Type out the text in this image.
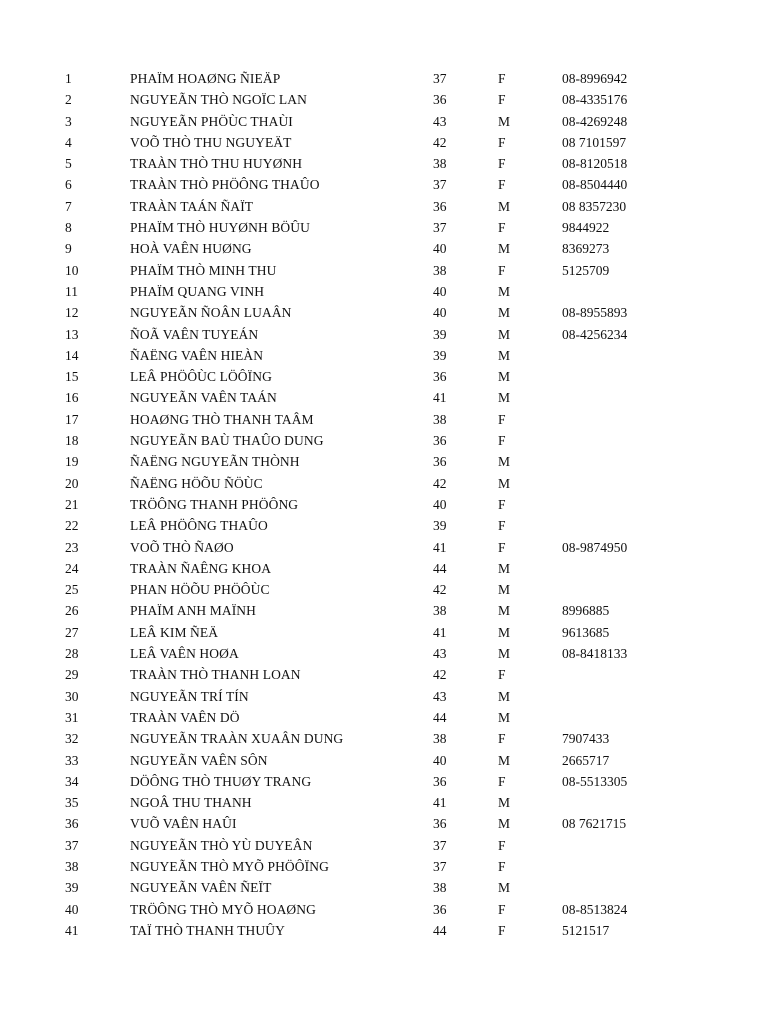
1	PHAÏM HOAØNG ÑIEÄP	37	F	08-8996942
2	NGUYEÃN THÒ NGOÏC LAN	36	F	08-4335176
3	NGUYEÃN PHÖÙC THAÙI	43	M	08-4269248
4	VOÕ THÒ THU NGUYEÄT	42	F	08 7101597
5	TRAÀN THÒ THU HUYØNH	38	F	08-8120518
6	TRAÀN THÒ PHÖÔNG THAÛO	37	F	08-8504440
7	TRAÀN TAÁN ÑAÏT	36	M	08 8357230
8	PHAÏM THÒ HUYØNH BÖÛU	37	F	9844922
9	HOÀ VAÊN HUØNG	40	M	8369273
10	PHAÏM THÒ MINH THU	38	F	5125709
11	PHAÏM QUANG VINH	40	M
12	NGUYEÃN ÑOÂN LUAÂN	40	M	08-8955893
13	ÑOÃ VAÊN TUYEÁN	39	M	08-4256234
14	ÑAËNG VAÊN HIEÀN	39	M
15	LEÂ PHÖÔÙC LÖÔÏNG	36	M
16	NGUYEÃN VAÊN TAÁN	41	M
17	HOAØNG THÒ THANH TAÂM	38	F
18	NGUYEÃN BAÙ THAÛO DUNG	36	F
19	ÑAËNG NGUYEÃN THÒNH	36	M
20	ÑAËNG HÖÕU ÑÖÙC	42	M
21	TRÖÔNG THANH PHÖÔNG	40	F
22	LEÂ PHÖÔNG THAÛO	39	F
23	VOÕ THÒ ÑAØO	41	F	08-9874950
24	TRAÀN ÑAÊNG KHOA	44	M
25	PHAN HÖÕU PHÖÔÙC	42	M
26	PHAÏM ANH MAÏNH	38	M	8996885
27	LEÂ KIM ÑEÄ	41	M	9613685
28	LEÂ VAÊN HOØA	43	M	08-8418133
29	TRAÀN THÒ THANH LOAN	42	F
30	NGUYEÃN TRÍ TÍN	43	M
31	TRAÀN VAÊN DÖ	44	M
32	NGUYEÃN TRAÀN XUAÂN DUNG	38	F	7907433
33	NGUYEÃN VAÊN SÔN	40	M	2665717
34	DÖÔNG THÒ THUØY TRANG	36	F	08-5513305
35	NGOÂ THU THANH	41	M
36	VUÕ VAÊN HAÛI	36	M	08 7621715
37	NGUYEÃN THÒ YÙ DUYEÂN	37	F
38	NGUYEÃN THÒ MYÕ PHÖÔÏNG	37	F
39	NGUYEÃN VAÊN ÑEÏT	38	M
40	TRÖÔNG THÒ MYÕ HOAØNG	36	F	08-8513824
41	TAÏ THÒ THANH THUÛY	44	F	5121517
